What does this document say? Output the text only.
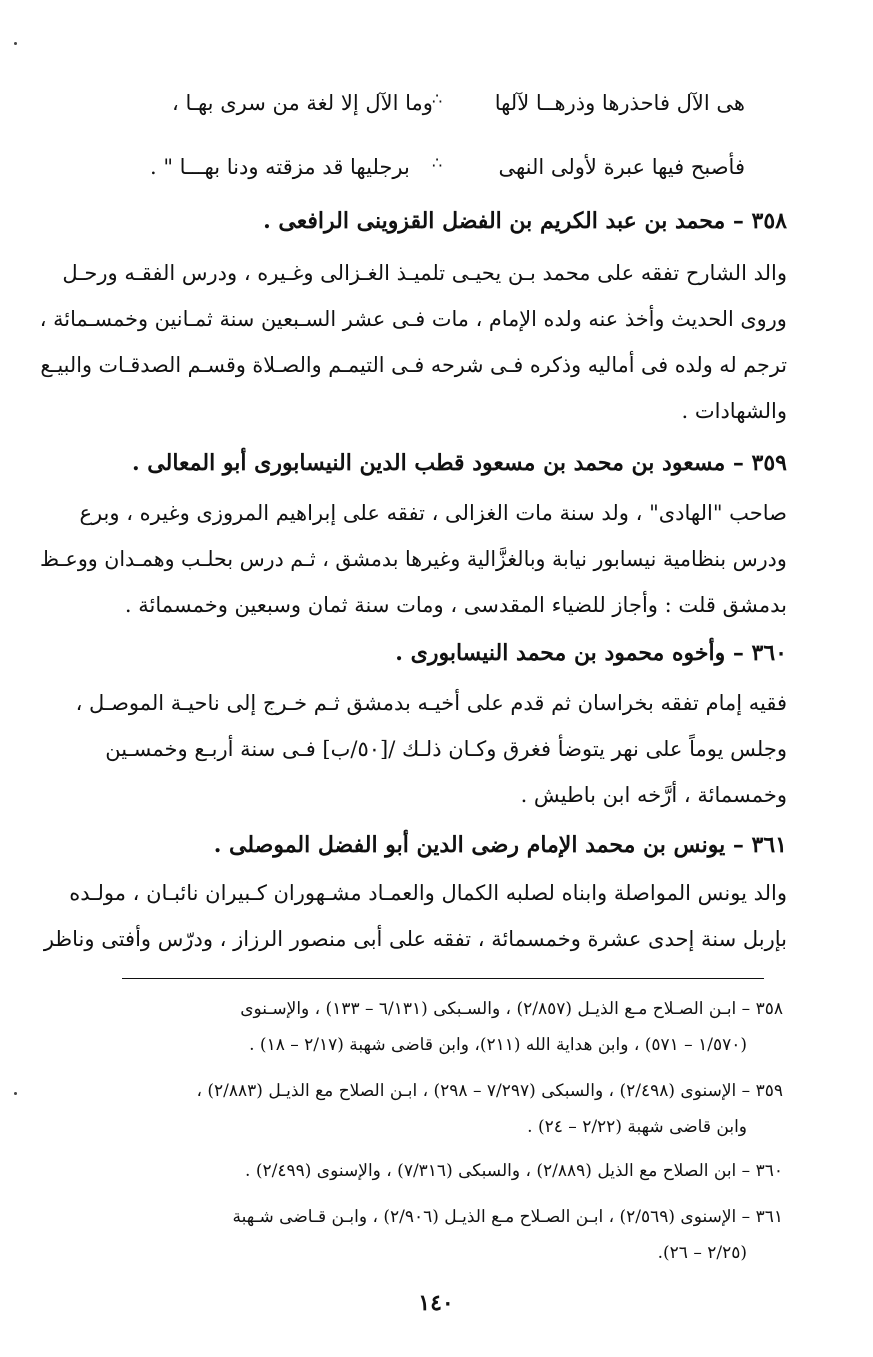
هى الآل فاحذرها وذرهــا لآلها
∴
وما الآل إلا لغة من سرى بهـا ،
فأصبح فيها عبرة لأولى النهى
∴
برجليها قد مزقته ودنا بهـــا " .
٣٥٨ – محمد بن عبد الكريم بن الفضل القزوينى الرافعى .
والد الشارح تفقه على محمد بـن يحيـى تلميـذ الغـزالى وغـيره ، ودرس الفقـه ورحـل
وروى الحديث وأخذ عنه ولده الإمام ، مات فـى عشر السـبعين سنة ثمـانين وخمسـمائة ،
ترجم له ولده فى أماليه وذكره فـى شرحه فـى التيمـم والصـلاة وقسـم الصدقـات والبيـع
والشهادات .
٣٥٩ – مسعود بن محمد بن مسعود قطب الدين النيسابورى أبو المعالى .
صاحب "الهادى" ، ولد سنة مات الغزالى ، تفقه على إبراهيم المروزى وغيره ، وبرع
ودرس بنظامية نيسابور نيابة وبالغزَّالية وغيرها بدمشق ، ثـم درس بحلـب وهمـدان ووعـظ
بدمشق قلت : وأجاز للضياء المقدسى ، ومات سنة ثمان وسبعين وخمسمائة .
٣٦٠ – وأخوه محمود بن محمد النيسابورى .
فقيه إمام تفقه بخراسان ثم قدم على أخيـه بدمشق ثـم خـرج إلى ناحيـة الموصـل ،
وجلس يوماً على نهر يتوضأ فغرق وكـان ذلـك /[٥٠/ب] فـى سنة أربـع وخمسـين
وخمسمائة ، أرَّخه ابن باطيش .
٣٦١ – يونس بن محمد الإمام رضى الدين أبو الفضل الموصلى .
والد يونس المواصلة وابناه لصلبه الكمال والعمـاد مشـهوران كـبيران نائبـان ، مولـده
بإربل سنة إحدى عشرة وخمسمائة ، تفقه على أبى منصور الرزاز ، ودرّس وأفتى وناظر
٣٥٨ – ابـن الصـلاح مـع الذيـل (٢/٨٥٧) ، والسـبكى (٦/١٣١ – ١٣٣) ، والإسـنوى
(١/٥٧٠ – ٥٧١) ، وابن هداية الله (٢١١)، وابن قاضى شهبة (٢/١٧ – ١٨) .
٣٥٩ – الإسنوى (٢/٤٩٨) ، والسبكى (٧/٢٩٧ – ٢٩٨) ، ابـن الصلاح مع الذيـل (٢/٨٨٣) ،
وابن قاضى شهبة (٢/٢٢ – ٢٤) .
٣٦٠ – ابن الصلاح مع الذيل (٢/٨٨٩) ، والسبكى (٧/٣١٦) ، والإسنوى (٢/٤٩٩) .
٣٦١ – الإسنوى (٢/٥٦٩) ، ابـن الصـلاح مـع الذيـل (٢/٩٠٦) ، وابـن قـاضى شـهبة
(٢/٢٥ – ٢٦).
١٤٠
